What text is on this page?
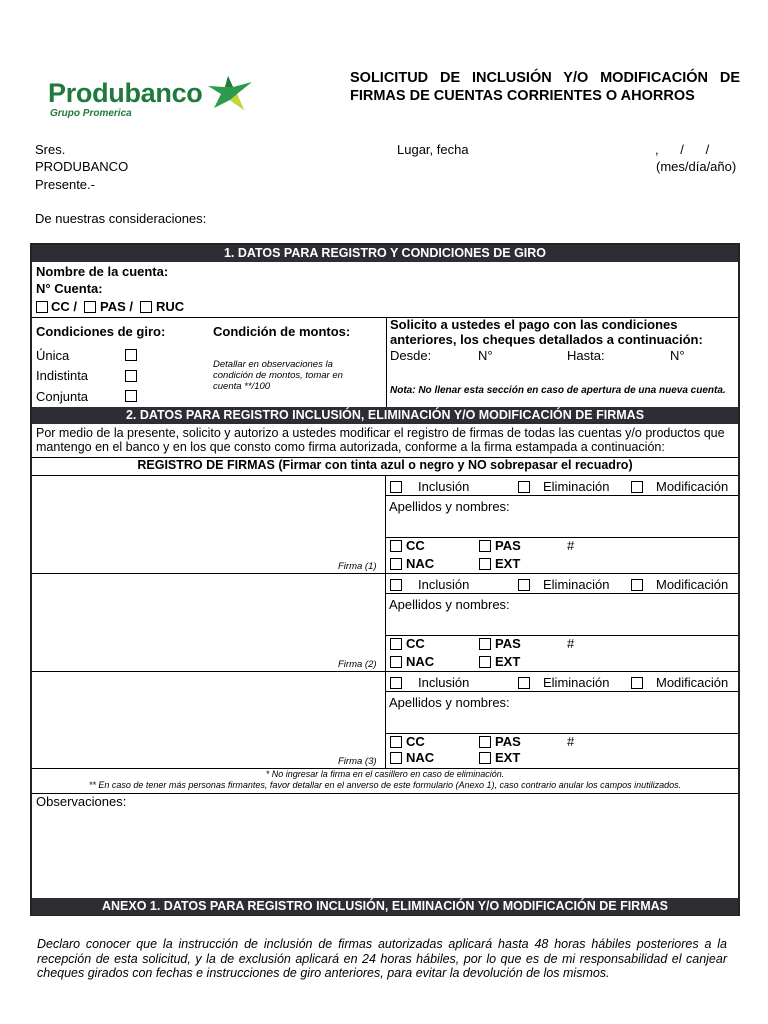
Produbanco
Grupo Promerica
SOLICITUD DE INCLUSIÓN Y/O MODIFICACIÓN DE FIRMAS DE CUENTAS CORRIENTES O AHORROS
Sres.
PRODUBANCO
Presente.-
Lugar, fecha	,      /      /
(mes/día/año)
De nuestras consideraciones:
1. DATOS PARA REGISTRO Y CONDICIONES DE GIRO
Nombre de la cuenta:
N° Cuenta:
CC / PAS / RUC
Condiciones de giro:
Única
Indistinta
Conjunta
Condición de montos:
Detallar en observaciones la condición de montos, tomar en cuenta **/100
Solicito a ustedes el pago con las condiciones anteriores, los cheques detallados a continuación:
Desde:	N°	Hasta:	N°
Nota: No llenar esta sección en caso de apertura de una nueva cuenta.
2. DATOS PARA REGISTRO INCLUSIÓN, ELIMINACIÓN Y/O MODIFICACIÓN DE FIRMAS
Por medio de la presente, solicito y autorizo a ustedes modificar el registro de firmas de todas las cuentas y/o productos que mantengo en el banco y en los que consto como firma autorizada, conforme a la firma estampada a continuación:
REGISTRO DE FIRMAS (Firmar con tinta azul o negro y NO sobrepasar el recuadro)
Firma (1)
Inclusión	Eliminación	Modificación
Apellidos y nombres:
CC	PAS	#
NAC	EXT
Firma (2)
Inclusión	Eliminación	Modificación
Apellidos y nombres:
CC	PAS	#
NAC	EXT
Firma (3)
Inclusión	Eliminación	Modificación
Apellidos y nombres:
CC	PAS	#
NAC	EXT
* No ingresar la firma en el casillero en caso de eliminación.
** En caso de tener más personas firmantes, favor detallar en el anverso de este formulario (Anexo 1), caso contrario anular los campos inutilizados.
Observaciones:
ANEXO 1. DATOS PARA REGISTRO INCLUSIÓN, ELIMINACIÓN Y/O MODIFICACIÓN DE FIRMAS
Declaro conocer que la instrucción de inclusión de firmas autorizadas aplicará hasta 48 horas hábiles posteriores a la recepción de esta solicitud, y la de exclusión aplicará en 24 horas hábiles, por lo que es de mi responsabilidad el canjear cheques girados con fechas e instrucciones de giro anteriores, para evitar la devolución de los mismos.
